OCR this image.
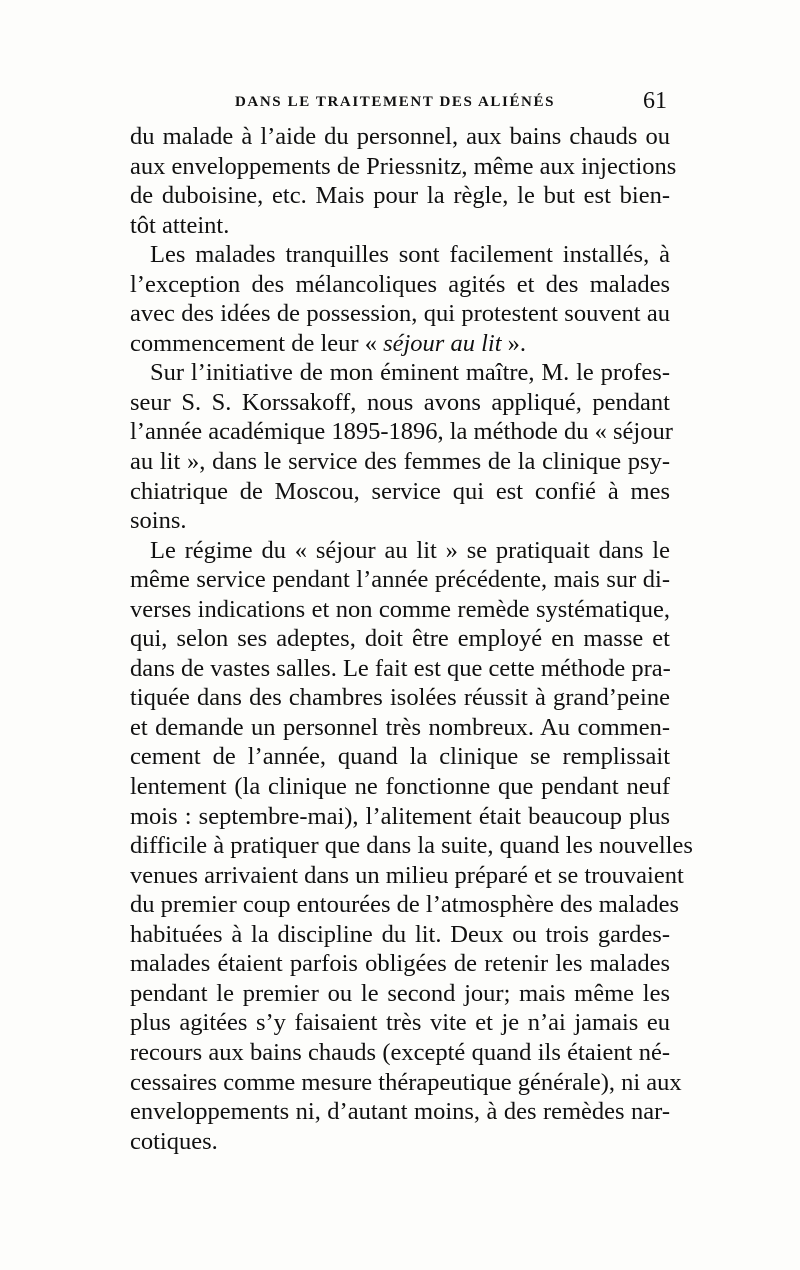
DANS LE TRAITEMENT DES ALIÉNÉS	61
du malade à l’aide du personnel, aux bains chauds ou
aux enveloppements de Priessnitz, même aux injections
de duboisine, etc. Mais pour la règle, le but est bien-
tôt atteint.
Les malades tranquilles sont facilement installés, à
l’exception des mélancoliques agités et des malades
avec des idées de possession, qui protestent souvent au
commencement de leur « séjour au lit ».
Sur l’initiative de mon éminent maître, M. le profes-
seur S. S. Korssakoff, nous avons appliqué, pendant
l’année académique 1895-1896, la méthode du « séjour
au lit », dans le service des femmes de la clinique psy-
chiatrique de Moscou, service qui est confié à mes
soins.
Le régime du « séjour au lit » se pratiquait dans le
même service pendant l’année précédente, mais sur di-
verses indications et non comme remède systématique,
qui, selon ses adeptes, doit être employé en masse et
dans de vastes salles. Le fait est que cette méthode pra-
tiquée dans des chambres isolées réussit à grand’peine
et demande un personnel très nombreux. Au commen-
cement de l’année, quand la clinique se remplissait
lentement (la clinique ne fonctionne que pendant neuf
mois : septembre-mai), l’alitement était beaucoup plus
difficile à pratiquer que dans la suite, quand les nouvelles
venues arrivaient dans un milieu préparé et se trouvaient
du premier coup entourées de l’atmosphère des malades
habituées à la discipline du lit. Deux ou trois gardes-
malades étaient parfois obligées de retenir les malades
pendant le premier ou le second jour; mais même les
plus agitées s’y faisaient très vite et je n’ai jamais eu
recours aux bains chauds (excepté quand ils étaient né-
cessaires comme mesure thérapeutique générale), ni aux
enveloppements ni, d’autant moins, à des remèdes nar-
cotiques.
